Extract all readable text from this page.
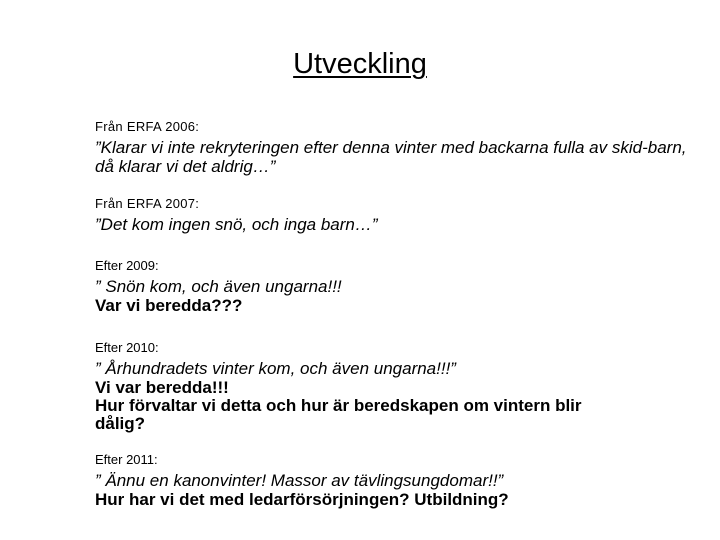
Utveckling
Från ERFA 2006:
”Klarar vi inte rekryteringen efter denna vinter med backarna fulla av skid-barn, då klarar vi det aldrig…”
Från ERFA 2007:
”Det kom ingen snö, och inga barn…”
Efter 2009:
” Snön kom, och även ungarna!!!
Var vi beredda???
Efter 2010:
” Århundradets vinter kom, och även ungarna!!!”
Vi var beredda!!!
Hur förvaltar vi detta och hur är beredskapen om vintern blir dålig?
Efter 2011:
” Ännu en kanonvinter! Massor av tävlingsungdomar!!”
Hur har vi det med ledarförsörjningen? Utbildning?
